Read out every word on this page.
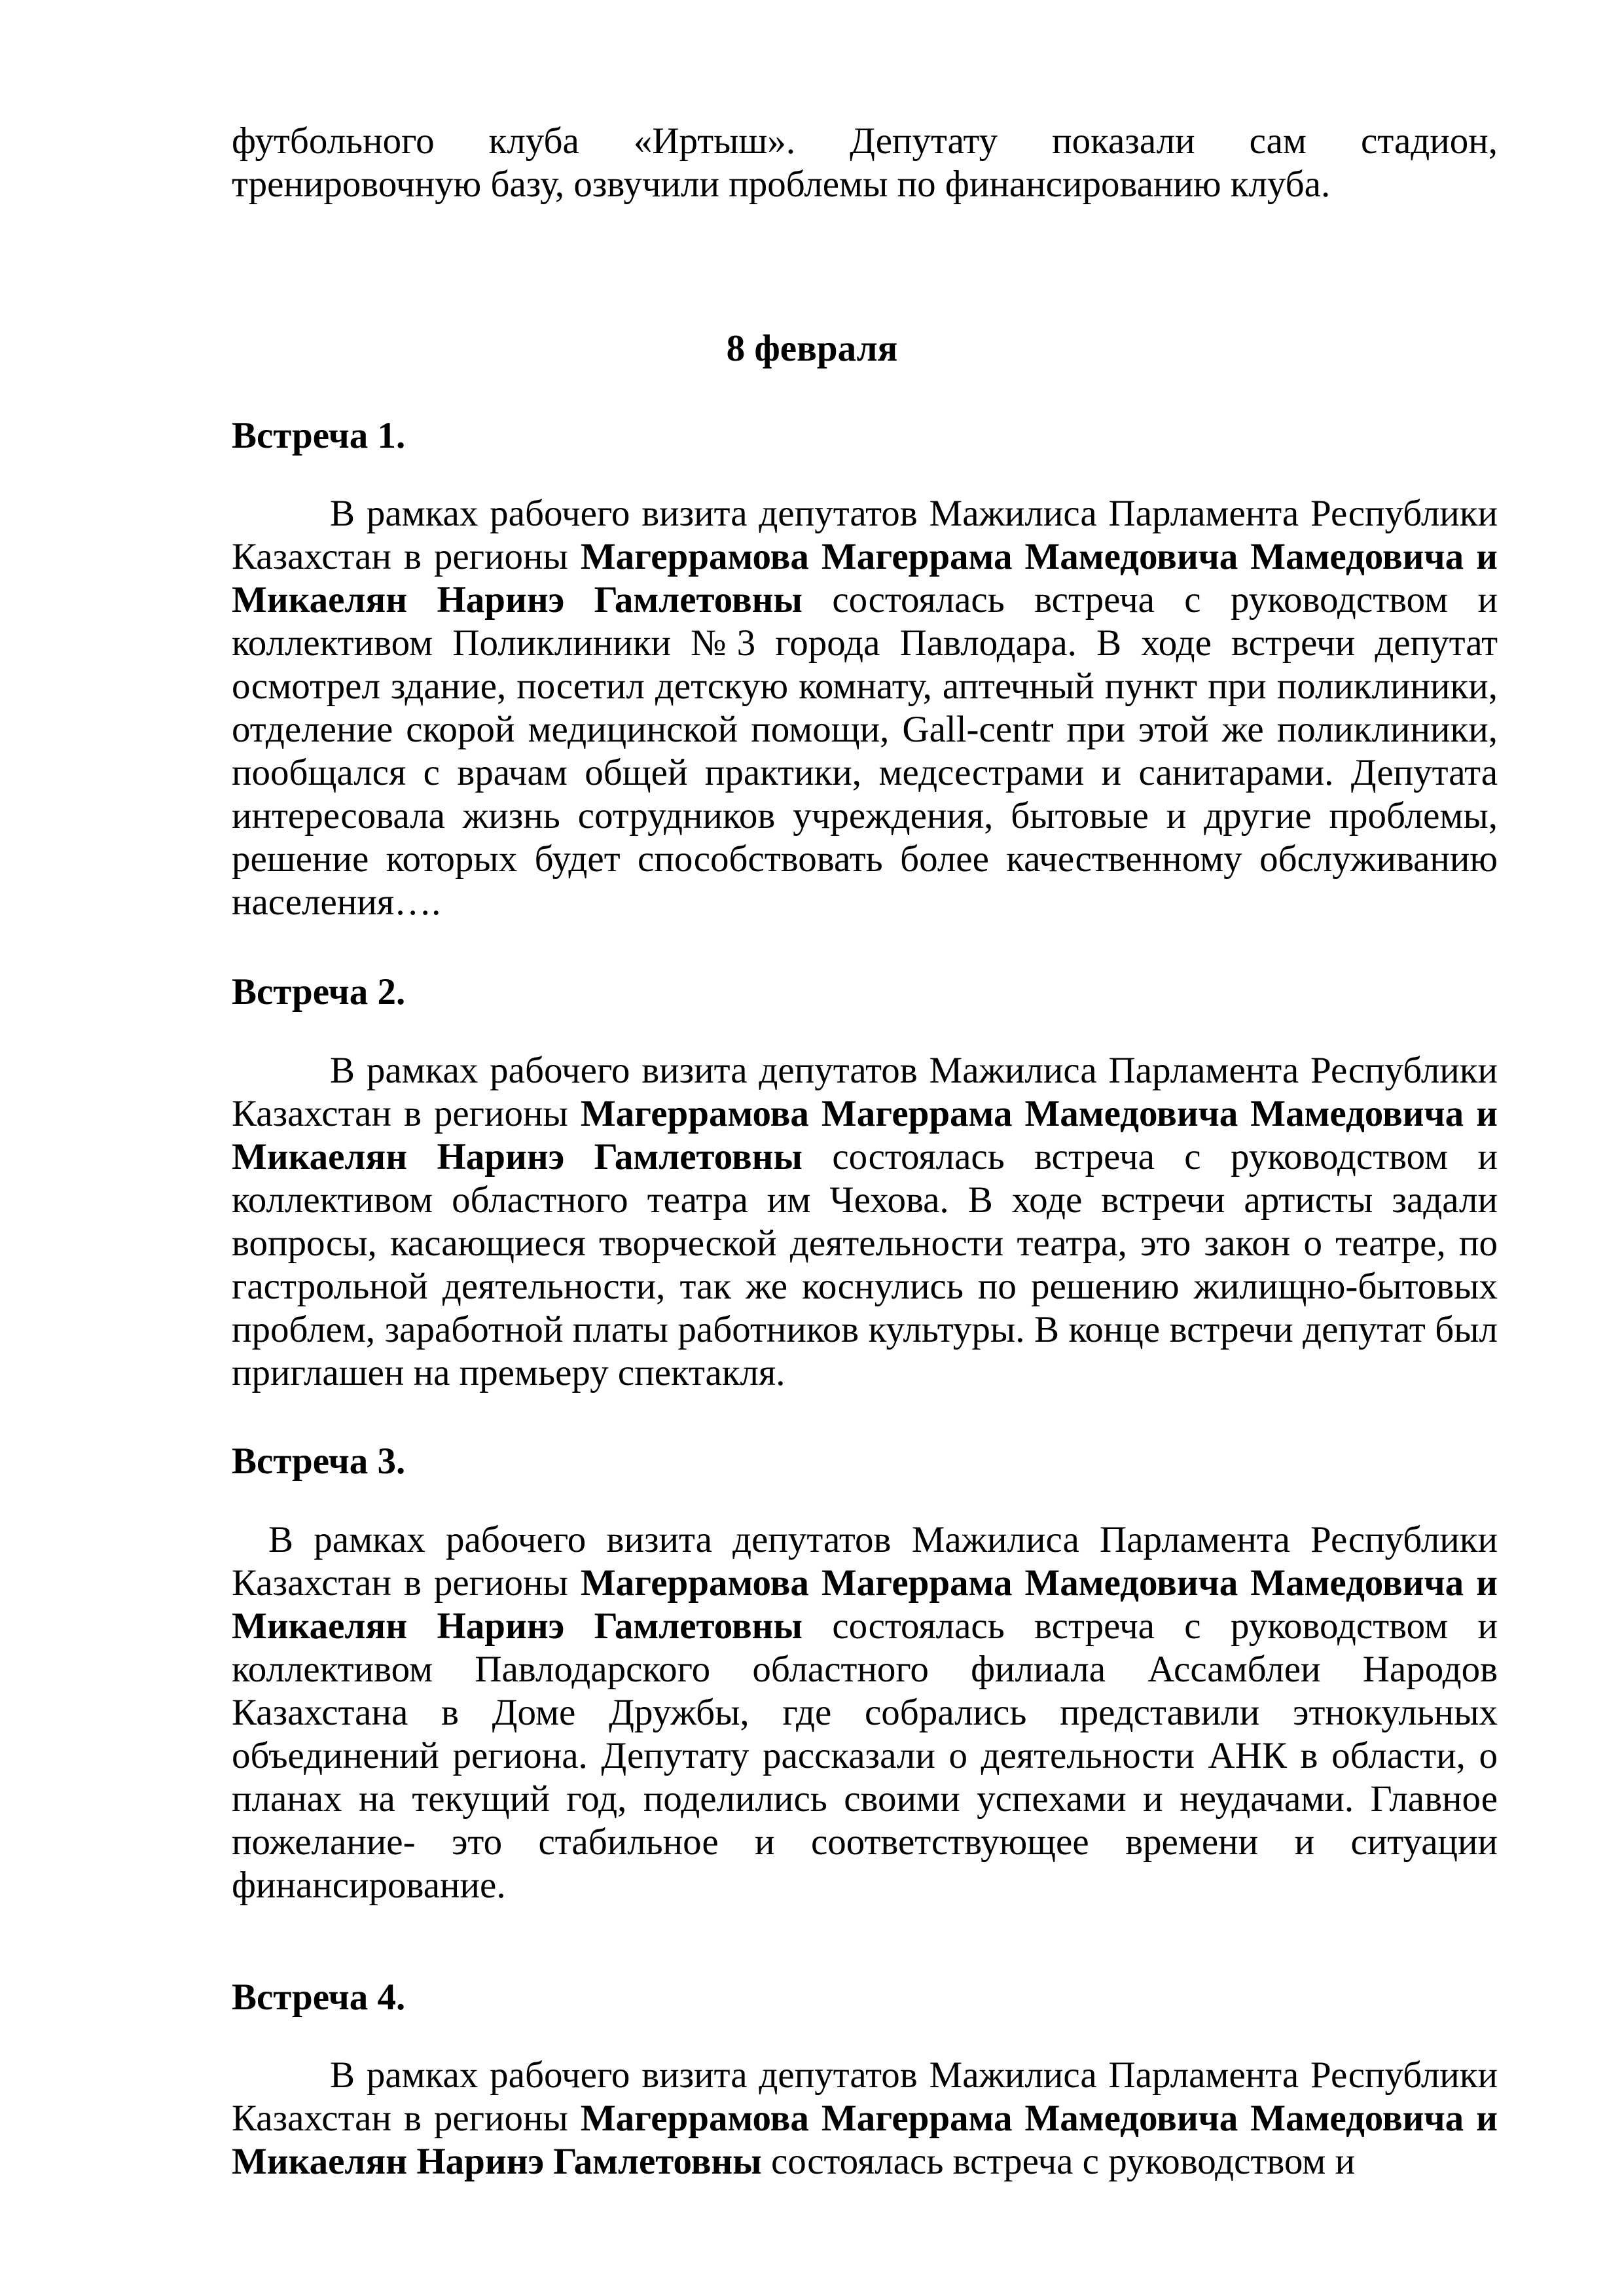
футбольного клуба «Иртыш». Депутату показали сам стадион,
тренировочную базу, озвучили проблемы по финансированию клуба.
8 февраля
Встреча 1.
В рамках рабочего визита депутатов Мажилиса Парламента Республики Казахстан в регионы Магеррамова Магеррама Мамедовича Мамедовича и Микаелян Наринэ Гамлетовны состоялась встреча с руководством и коллективом Поликлиники №3 города Павлодара. В ходе встречи депутат осмотрел здание, посетил детскую комнату, аптечный пункт при поликлиники, отделение скорой медицинской помощи, Gall-centr при этой же поликлиники, пообщался с врачам общей практики, медсестрами и санитарами. Депутата интересовала жизнь сотрудников учреждения, бытовые и другие проблемы, решение которых будет способствовать более качественному обслуживанию населения….
Встреча 2.
В рамках рабочего визита депутатов Мажилиса Парламента Республики Казахстан в регионы Магеррамова Магеррама Мамедовича Мамедовича и Микаелян Наринэ Гамлетовны состоялась встреча с руководством и коллективом областного театра им Чехова. В ходе встречи артисты задали вопросы, касающиеся творческой деятельности театра, это закон о театре, по гастрольной деятельности, так же коснулись по решению жилищно-бытовых проблем, заработной платы работников культуры. В конце встречи депутат был приглашен на премьеру спектакля.
Встреча 3.
В рамках рабочего визита депутатов Мажилиса Парламента Республики Казахстан в регионы Магеррамова Магеррама Мамедовича Мамедовича и Микаелян Наринэ Гамлетовны состоялась встреча с руководством и коллективом Павлодарского областного филиала Ассамблеи Народов Казахстана в Доме Дружбы, где собрались представили этнокульных объединений региона. Депутату рассказали о деятельности АНК в области, о планах на текущий год, поделились своими успехами и неудачами. Главное пожелание- это стабильное и соответствующее времени и ситуации финансирование.
Встреча 4.
В рамках рабочего визита депутатов Мажилиса Парламента Республики Казахстан в регионы Магеррамова Магеррама Мамедовича Мамедовича и Микаелян Наринэ Гамлетовны состоялась встреча с руководством и
